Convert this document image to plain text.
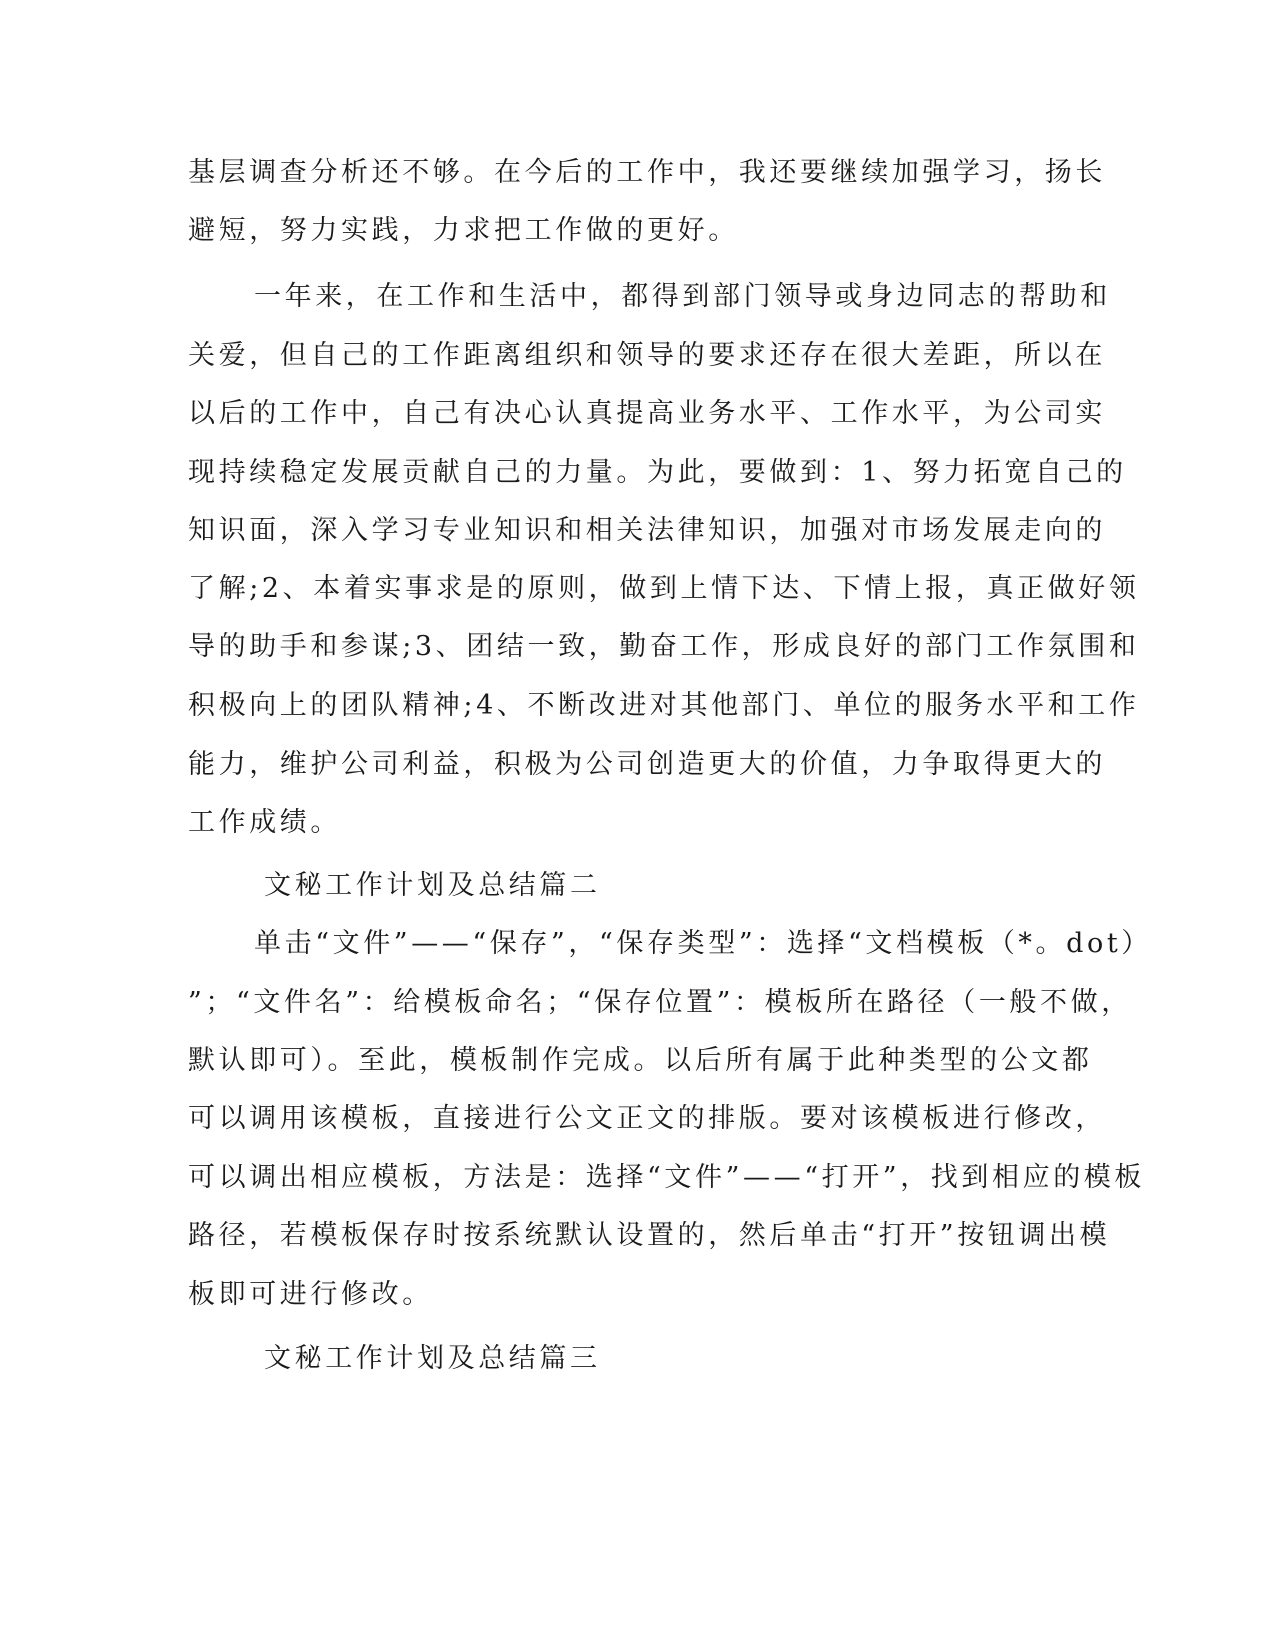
基层调查分析还不够。在今后的工作中，我还要继续加强学习，扬长
避短，努力实践，力求把工作做的更好。
一年来，在工作和生活中，都得到部门领导或身边同志的帮助和
关爱，但自己的工作距离组织和领导的要求还存在很大差距，所以在
以后的工作中，自己有决心认真提高业务水平、工作水平，为公司实
现持续稳定发展贡献自己的力量。为此，要做到：1、努力拓宽自己的
知识面，深入学习专业知识和相关法律知识，加强对市场发展走向的
了解;2、本着实事求是的原则，做到上情下达、下情上报，真正做好领
导的助手和参谋;3、团结一致，勤奋工作，形成良好的部门工作氛围和
积极向上的团队精神;4、不断改进对其他部门、单位的服务水平和工作
能力，维护公司利益，积极为公司创造更大的价值，力争取得更大的
工作成绩。
文秘工作计划及总结篇二
单击“文件”——“保存”，“保存类型”：选择“文档模板（*。dot）
”；“文件名”：给模板命名；“保存位置”：模板所在路径（一般不做，
默认即可）。至此，模板制作完成。以后所有属于此种类型的公文都
可以调用该模板，直接进行公文正文的排版。要对该模板进行修改，
可以调出相应模板，方法是：选择“文件”——“打开”，找到相应的模板
路径，若模板保存时按系统默认设置的，然后单击“打开”按钮调出模
板即可进行修改。
文秘工作计划及总结篇三
